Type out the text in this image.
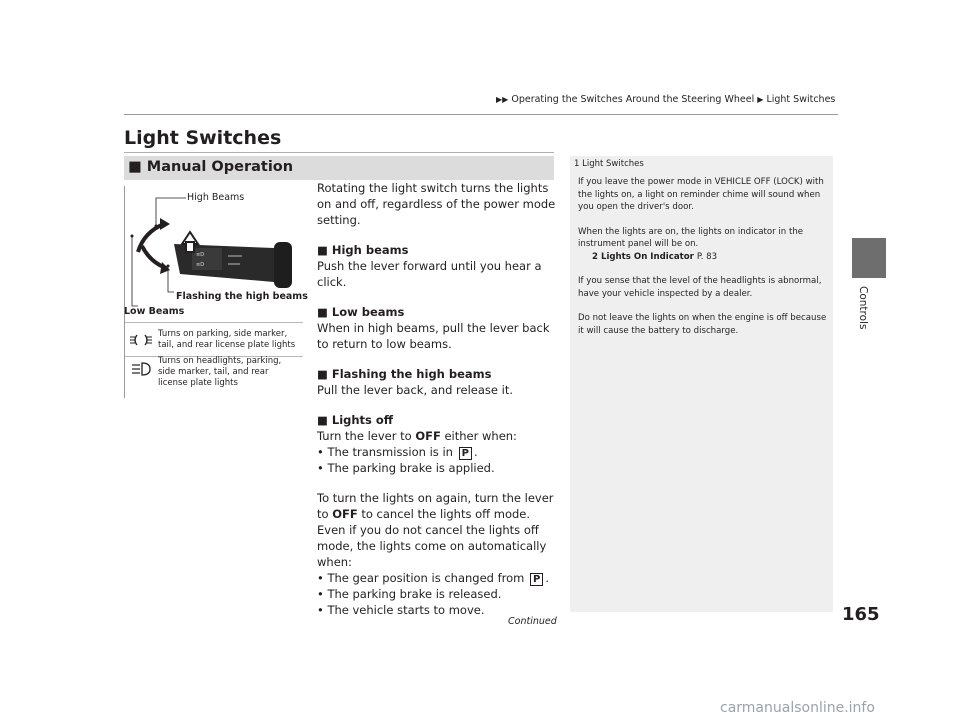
▶▶ Operating the Switches Around the Steering Wheel ▶ Light Switches
Controls
165
Continued
Light Switches
■ Manual Operation
≡D
≡D
High Beams
Flashing the high beams
Low Beams
Turns on parking, side marker, tail, and rear license plate lights
Turns on headlights, parking, side marker, tail, and rear license plate lights

Rotating the light switch turns the lights on and off, regardless of the power mode setting.

■ High beams

Push the lever forward until you hear a click.

■ Low beams

When in high beams, pull the lever back to return to low beams.

■ Flashing the high beams

Pull the lever back, and release it.

■ Lights off

Turn the lever to OFF either when:

• The transmission is in P .

• The parking brake is applied.

To turn the lights on again, turn the lever to OFF to cancel the lights off mode. Even if you do not cancel the lights off mode, the lights come on automatically when:

• The gear position is changed from P .

• The parking brake is released.

• The vehicle starts to move.

1 Light Switches

If you leave the power mode in VEHICLE OFF (LOCK) with the lights on, a light on reminder chime will sound when you open the driver's door.

When the lights are on, the lights on indicator in the instrument panel will be on.

2 Lights On Indicator P. 83

If you sense that the level of the headlights is abnormal, have your vehicle inspected by a dealer.

Do not leave the lights on when the engine is off because it will cause the battery to discharge.

carmanualsonline.info
